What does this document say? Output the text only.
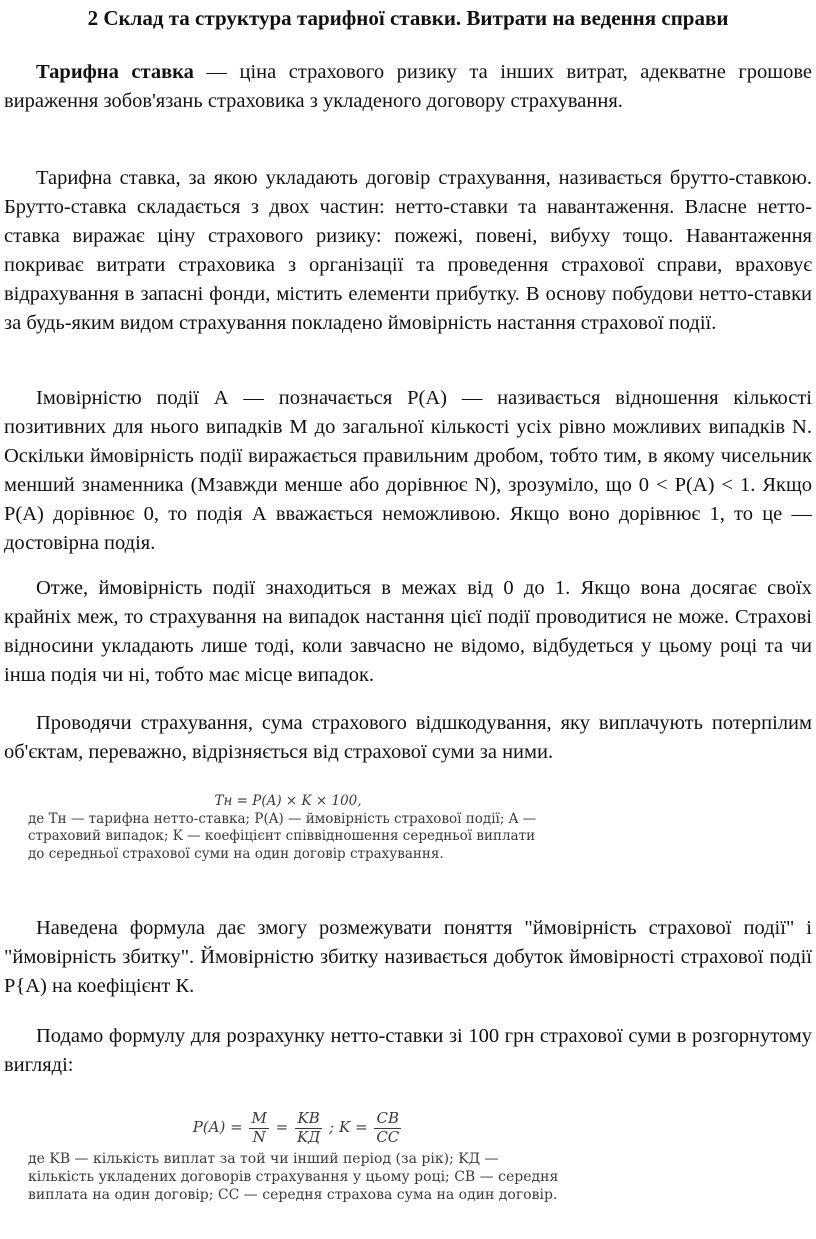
2 Склад та структура тарифної ставки. Витрати на ведення справи
Тарифна ставка — ціна страхового ризику та інших витрат, адекватне грошове вираження зобов'язань страховика з укладеного договору страхування.
Тарифна ставка, за якою укладають договір страхування, називається брутто-ставкою. Брутто-ставка складається з двох частин: нетто-ставки та навантаження. Власне нетто-ставка виражає ціну страхового ризику: пожежі, повені, вибуху тощо. Навантаження покриває витрати страховика з організації та проведення страхової справи, враховує відрахування в запасні фонди, містить елементи прибутку. В основу побудови нетто-ставки за будь-яким видом страхування покладено ймовірність настання страхової події.
Імовірністю події А — позначається Р(А) — називається відношення кількості позитивних для нього випадків М до загальної кількості усіх рівно можливих випадків N. Оскільки ймовірність події виражається правильним дробом, тобто тим, в якому чисельник менший знаменника (Мзавжди менше або дорівнює N), зрозуміло, що 0 < Р(А) < 1. Якщо Р(А) дорівнює 0, то подія А вважається неможливою. Якщо воно дорівнює 1, то це — достовірна подія.
Отже, ймовірність події знаходиться в межах від 0 до 1. Якщо вона досягає своїх крайніх меж, то страхування на випадок настання цієї події проводитися не може. Страхові відносини укладають лише тоді, коли завчасно не відомо, відбудеться у цьому році та чи інша подія чи ні, тобто має місце випадок.
Проводячи страхування, сума страхового відшкодування, яку виплачують потерпілим об'єктам, переважно, відрізняється від страхової суми за ними.
Tн = P(A) × K × 100,
де Tн — тарифна нетто-ставка; P(A) — ймовірність страхової події; A — страховий випадок; K — коефіцієнт співвідношення середньої виплати до середньої страхової суми на один договір страхування.
Наведена формула дає змогу розмежувати поняття "ймовірність страхової події" і "ймовірність збитку". Ймовірністю збитку називається добуток ймовірності страхової події Р{А) на коефіцієнт К.
Подамо формулу для розрахунку нетто-ставки зі 100 грн страхової суми в розгорнутому вигляді:
$P(A) = \frac{M}{N} = \frac{KВ}{KД}$ ; $K = \frac{CВ}{CС}$
де KВ — кількість виплат за той чи інший період (за рік); KД — кількість укладених договорів страхування у цьому році; CВ — середня виплата на один договір; CС — середня страхова сума на один договір.
